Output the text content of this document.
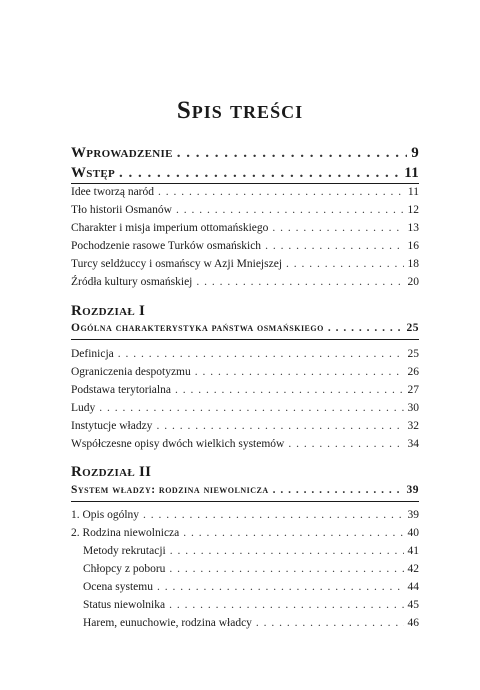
Spis treści
Wprowadzenie . . .	9
Wstęp . . .	11
Idee tworzą naród . . .	11
Tło historii Osmanów . . .	12
Charakter i misja imperium ottomańskiego . . .	13
Pochodzenie rasowe Turków osmańskich . . .	16
Turcy seldżuccy i osmańscy w Azji Mniejszej . . .	18
Źródła kultury osmańskiej . . .	20
Rozdział I
Ogólna charakterystyka państwa osmańskiego . . .	25
Definicja . . .	25
Ograniczenia despotyzmu . . .	26
Podstawa terytorialna . . .	27
Ludy . . .	30
Instytucje władzy . . .	32
Współczesne opisy dwóch wielkich systemów . . .	34
Rozdział II
System władzy: rodzina niewolnicza . . .	39
1. Opis ogólny . . .	39
2. Rodzina niewolnicza . . .	40
Metody rekrutacji . . .	41
Chłopcy z poboru . . .	42
Ocena systemu . . .	44
Status niewolnika . . .	45
Harem, eunuchowie, rodzina władcy . . .	46
